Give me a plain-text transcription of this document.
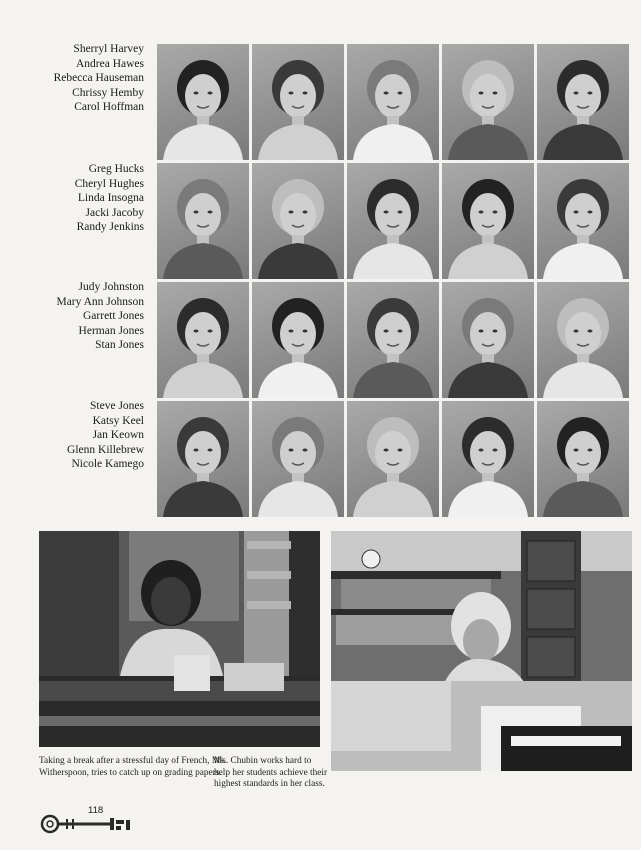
Sherryl Harvey
Andrea Hawes
Rebecca Hauseman
Chrissy Hemby
Carol Hoffman
Greg Hucks
Cheryl Hughes
Linda Insogna
Jacki Jacoby
Randy Jenkins
Judy Johnston
Mary Ann Johnson
Garrett Jones
Herman Jones
Stan Jones
Steve Jones
Katsy Keel
Jan Keown
Glenn Killebrew
Nicole Kamego
Taking a break after a stressful day of French, Ms. Witherspoon, tries to catch up on grading papers.
Ms. Chubin works hard to help her students achieve their highest standards in her class.
118
